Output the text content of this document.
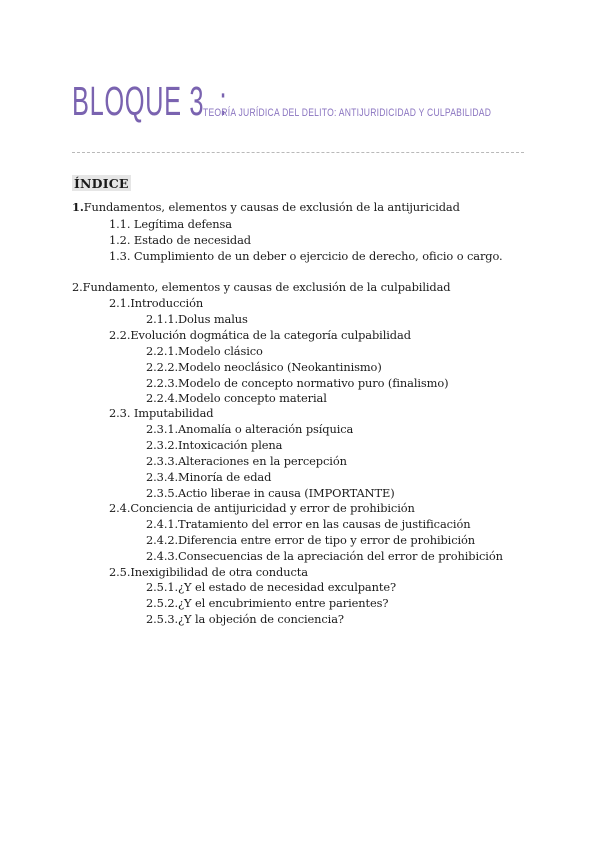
BLOQUE 3 :
TEORÍA JURÍDICA DEL DELITO: ANTIJURIDICIDAD Y CULPABILIDAD
ÍNDICE
1.Fundamentos, elementos y causas de exclusión de la antijuricidad
1.1. Legítima defensa
1.2. Estado de necesidad
1.3. Cumplimiento de un deber o ejercicio de derecho, oficio o cargo.
2.Fundamento, elementos y causas de exclusión de la culpabilidad
2.1.Introducción
2.1.1.Dolus malus
2.2.Evolución dogmática de la categoría culpabilidad
2.2.1.Modelo clásico
2.2.2.Modelo neoclásico (Neokantinismo)
2.2.3.Modelo de concepto normativo puro (finalismo)
2.2.4.Modelo concepto material
2.3. Imputabilidad
2.3.1.Anomalía o alteración psíquica
2.3.2.Intoxicación plena
2.3.3.Alteraciones en la percepción
2.3.4.Minoría de edad
2.3.5.Actio liberae in causa (IMPORTANTE)
2.4.Conciencia de antijuricidad y error de prohibición
2.4.1.Tratamiento del error en las causas de justificación
2.4.2.Diferencia entre error de tipo y error de prohibición
2.4.3.Consecuencias de la apreciación del error de prohibición
2.5.Inexigibilidad de otra conducta
2.5.1.¿Y el estado de necesidad exculpante?
2.5.2.¿Y el encubrimiento entre parientes?
2.5.3.¿Y la objeción de conciencia?
